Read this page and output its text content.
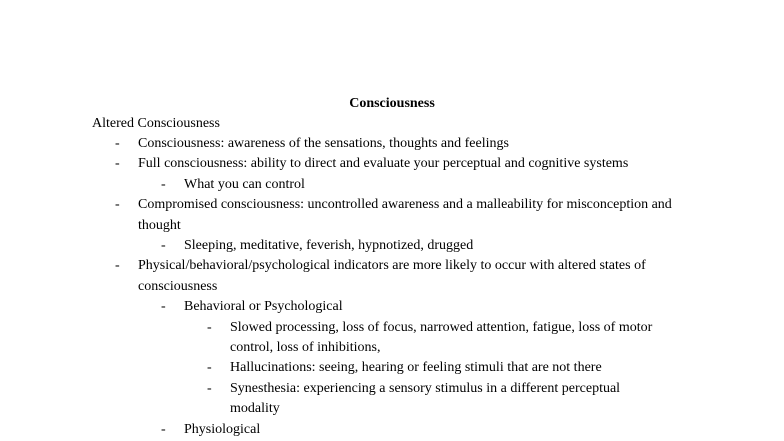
Consciousness
Altered Consciousness
- Consciousness: awareness of the sensations, thoughts and feelings
- Full consciousness: ability to direct and evaluate your perceptual and cognitive systems
- What you can control
- Compromised consciousness: uncontrolled awareness and a malleability for misconception and thought
- Sleeping, meditative, feverish, hypnotized, drugged
- Physical/behavioral/psychological indicators are more likely to occur with altered states of consciousness
- Behavioral or Psychological
- Slowed processing, loss of focus, narrowed attention, fatigue, loss of motor control, loss of inhibitions,
- Hallucinations: seeing, hearing or feeling stimuli that are not there
- Synesthesia: experiencing a sensory stimulus in a different perceptual modality
- Physiological
